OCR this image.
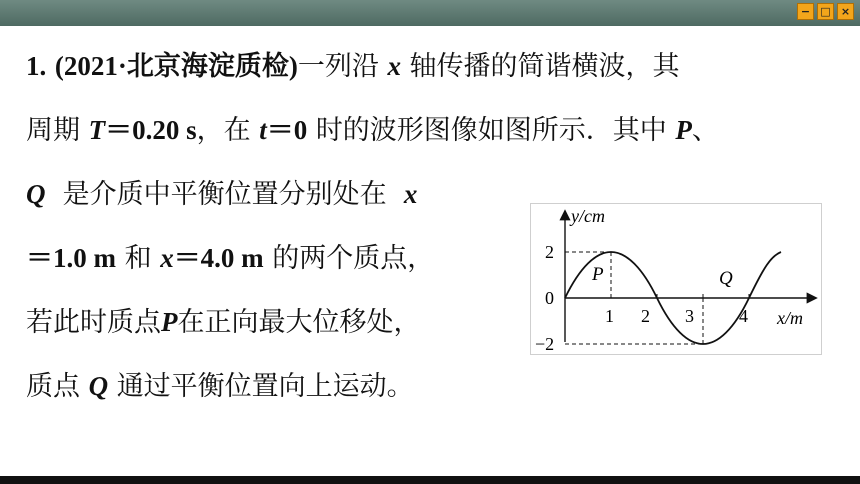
− □ ×
1. (2021·北京海淀质检)一列沿 x 轴传播的简谐横波，其
周期 T＝0.20 s，在 t＝0 时的波形图像如图所示．其中 P、
Q 是介质中平衡位置分别处在 x
＝1.0 m 和 x＝4.0 m 的两个质点，
若此时质点P在正向最大位移处，
质点 Q 通过平衡位置向上运动。
y/cm
x/m
2
0
−2
1 2 3	4
P	Q
